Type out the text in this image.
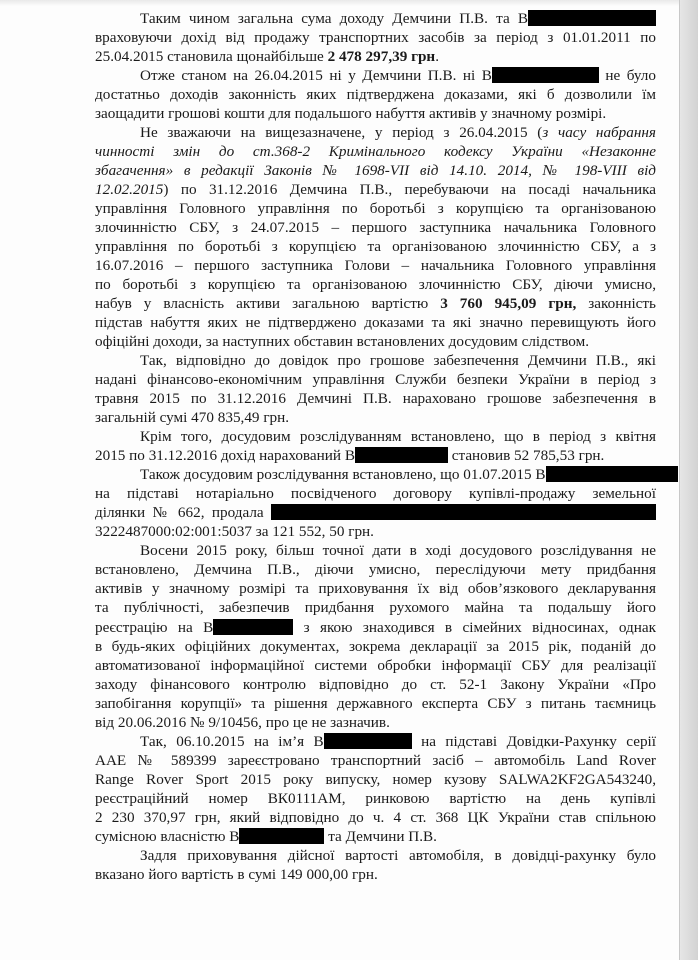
Таким чином загальна сума доходу Демчини П.В. та В
враховуючи дохід від продажу транспортних засобів за період з 01.01.2011 по
25.04.2015 становила щонайбільше 2 478 297,39 грн.
Отже станом на 26.04.2015 ні у Демчини П.В. ні В	не було
достатньо доходів законність яких підтверджена доказами, які б дозволили їм
заощадити грошові кошти для подальшого набуття активів у значному розмірі.
Не зважаючи на вищезазначене, у період з 26.04.2015 (з часу набрання
чинності змін до ст.368-2 Кримінального кодексу України «Незаконне
збагачення» в редакції Законів № 1698-VII від 14.10. 2014, № 198-VIII від
12.02.2015) по 31.12.2016 Демчина П.В., перебуваючи на посаді начальника
управління Головного управління по боротьбі з корупцією та організованою
злочинністю СБУ, з 24.07.2015 – першого заступника начальника Головного
управління по боротьбі з корупцією та організованою злочинністю СБУ, а з
16.07.2016 – першого заступника Голови – начальника Головного управління
по боротьбі з корупцією та організованою злочинністю СБУ, діючи умисно,
набув у власність активи загальною вартістю 3 760 945,09 грн, законність
підстав набуття яких не підтверджено доказами та які значно перевищують його
офіційні доходи, за наступних обставин встановлених досудовим слідством.
Так, відповідно до довідок про грошове забезпечення Демчини П.В., які
надані фінансово-економічним управління Служби безпеки України в період з
травня 2015 по 31.12.2016 Демчині П.В. нараховано грошове забезпечення в
загальній сумі 470 835,49 грн.
Крім того, досудовим розслідуванням встановлено, що в період з квітня
2015 по 31.12.2016 дохід нарахований В	становив 52 785,53 грн.
Також досудовим розслідування встановлено, що 01.07.2015 В
на підставі нотаріально посвідченого договору купівлі-продажу земельної
ділянки № 662, продала
3222487000:02:001:5037 за 121 552, 50 грн.
Восени 2015 року, більш точної дати в ході досудового розслідування не
встановлено, Демчина П.В., діючи умисно, переслідуючи мету придбання
активів у значному розмірі та приховування їх від обов’язкового декларування
та публічності, забезпечив придбання рухомого майна та подальшу його
реєстрацію на В	з якою знаходився в сімейних відносинах, однак
в будь-яких офіційних документах, зокрема декларації за 2015 рік, поданій до
автоматизованої інформаційної системи обробки інформації СБУ для реалізації
заходу фінансового контролю відповідно до ст. 52-1 Закону України «Про
запобігання корупції» та рішення державного експерта СБУ з питань таємниць
від 20.06.2016 № 9/10456, про це не зазначив.
Так, 06.10.2015 на ім’я В	на підставі Довідки-Рахунку серії
ААЕ № 589399 зареєстровано транспортний засіб – автомобіль Land Rover
Range Rover Sport 2015 року випуску, номер кузову SALWA2KF2GA543240,
реєстраційний номер ВК0111АМ, ринковою вартістю на день купівлі
2 230 370,97 грн, який відповідно до ч. 4 ст. 368 ЦК України став спільною
сумісною власністю В	та Демчини П.В.
Задля приховування дійсної вартості автомобіля, в довідці-рахунку було
вказано його вартість в сумі 149 000,00 грн.
